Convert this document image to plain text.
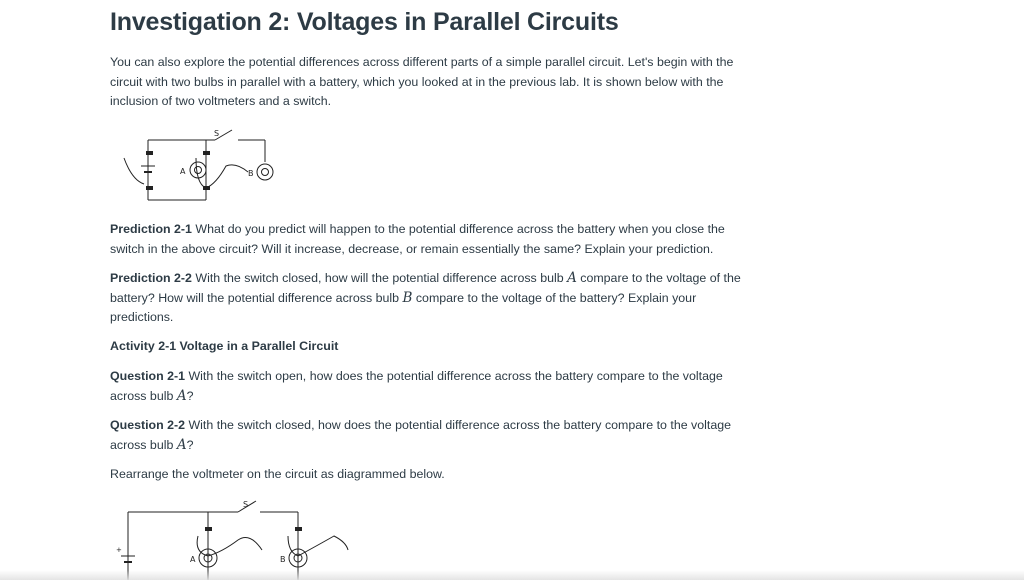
Investigation 2: Voltages in Parallel Circuits

You can also explore the potential differences across different parts of a simple parallel circuit. Let's begin with the
circuit with two bulbs in parallel with a battery, which you looked at in the previous lab. It is shown below with the
inclusion of two voltmeters and a switch.

Prediction 2-1 What do you predict will happen to the potential difference across the battery when you close the
switch in the above circuit? Will it increase, decrease, or remain essentially the same? Explain your prediction.

Prediction 2-2 With the switch closed, how will the potential difference across bulb A compare to the voltage of the
battery? How will the potential difference across bulb B compare to the voltage of the battery? Explain your
predictions.

Activity 2-1 Voltage in a Parallel Circuit

Question 2-1 With the switch open, how does the potential difference across the battery compare to the voltage
across bulb A?

Question 2-2 With the switch closed, how does the potential difference across the battery compare to the voltage
across bulb A?

Rearrange the voltmeter on the circuit as diagrammed below.

S
A	B
S
A	B
+
